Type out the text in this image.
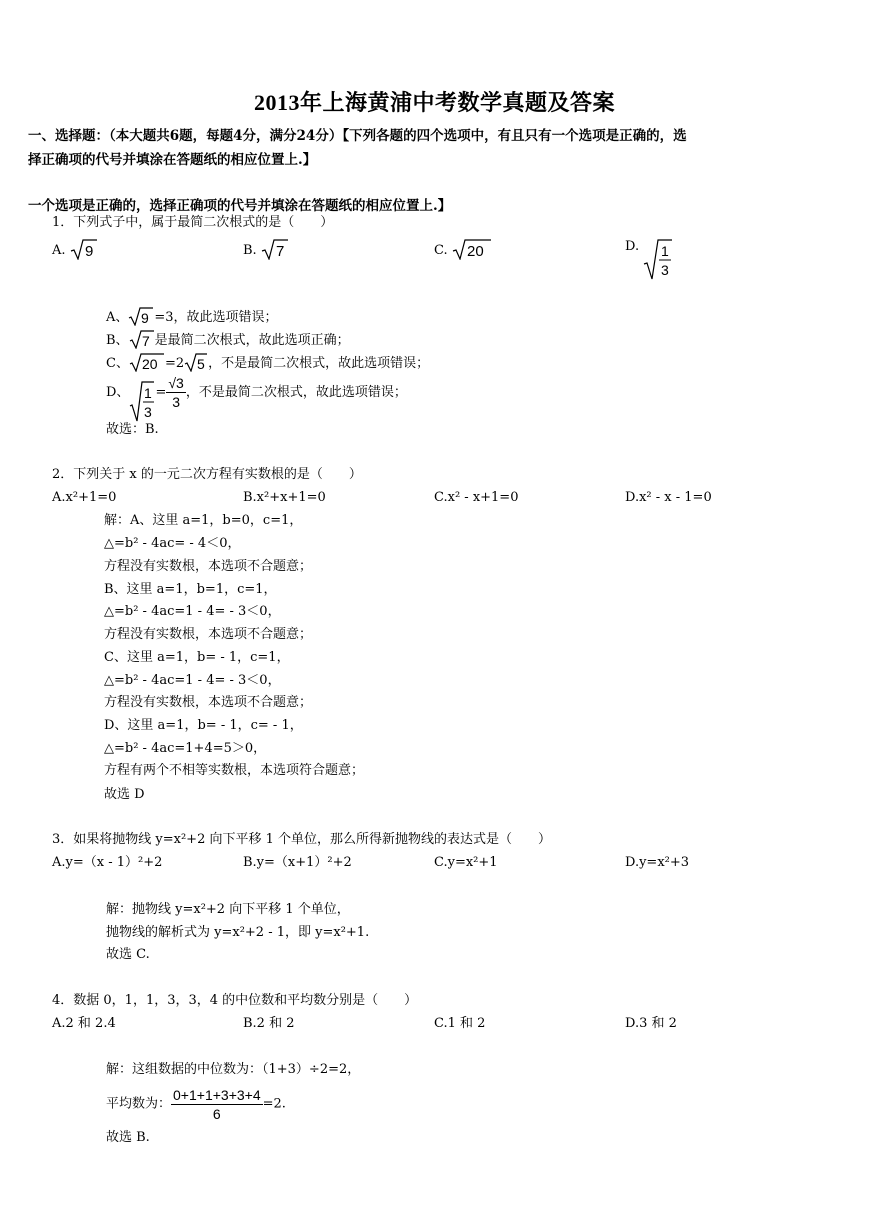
2013年上海黄浦中考数学真题及答案
一、选择题：（本大题共6题，每题4分，满分24分）【下列各题的四个选项中，有且只有一个选项是正确的，选
择正确项的代号并填涂在答题纸的相应位置上.】
一个选项是正确的，选择正确项的代号并填涂在答题纸的相应位置上.】
1．下列式子中，属于最简二次根式的是（　　）
A. 9	B. 7	C. 20	D. 1
3
A、 9 =3，故此选项错误；
B、 7 是最简二次根式，故此选项正确；
C、 20 =2 5 ，不是最简二次根式，故此选项错误；
D、 1
3
= $\frac{√3}{3}$ ，不是最简二次根式，故此选项错误；
故选：B.
2．下列关于 x 的一元二次方程有实数根的是（　　）
A.x²+1=0	B.x²+x+1=0	C.x² - x+1=0	D.x² - x - 1=0
解：A、这里 a=1，b=0，c=1，
△=b² - 4ac= - 4＜0，
方程没有实数根，本选项不合题意；
B、这里 a=1，b=1，c=1，
△=b² - 4ac=1 - 4= - 3＜0，
方程没有实数根，本选项不合题意；
C、这里 a=1，b= - 1，c=1，
△=b² - 4ac=1 - 4= - 3＜0，
方程没有实数根，本选项不合题意；
D、这里 a=1，b= - 1，c= - 1，
△=b² - 4ac=1+4=5＞0，
方程有两个不相等实数根，本选项符合题意；
故选 D
3．如果将抛物线 y=x²+2 向下平移 1 个单位，那么所得新抛物线的表达式是（　　）
A.y=（x - 1）²+2	B.y=（x+1）²+2	C.y=x²+1	D.y=x²+3
解：抛物线 y=x²+2 向下平移 1 个单位，
抛物线的解析式为 y=x²+2 - 1，即 y=x²+1.
故选 C.
4．数据 0，1，1，3，3，4 的中位数和平均数分别是（　　）
A.2 和 2.4	B.2 和 2	C.1 和 2	D.3 和 2
解：这组数据的中位数为：（1+3）÷2=2，
平均数为： $\frac{0+1+1+3+3+4}{6} =2$.
故选 B.
